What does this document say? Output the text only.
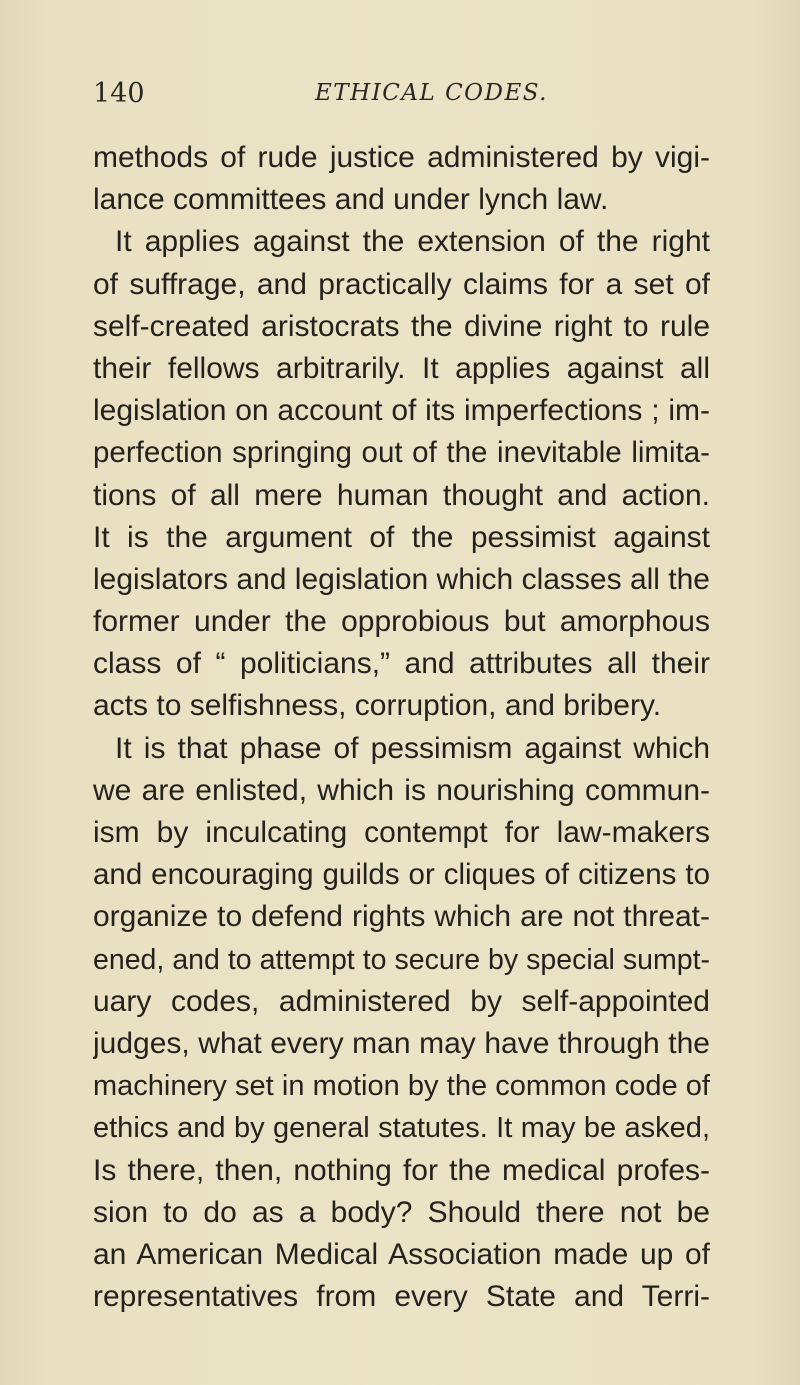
140	ETHICAL CODES.
methods of rude justice administered by vigi-
lance committees and under lynch law.
It applies against the extension of the right
of suffrage, and practically claims for a set of
self-created aristocrats the divine right to rule
their fellows arbitrarily. It applies against all
legislation on account of its imperfections ; im-
perfection springing out of the inevitable limita-
tions of all mere human thought and action.
It is the argument of the pessimist against
legislators and legislation which classes all the
former under the opprobious but amorphous
class of “ politicians,” and attributes all their
acts to selfishness, corruption, and bribery.
It is that phase of pessimism against which
we are enlisted, which is nourishing commun-
ism by inculcating contempt for law-makers
and encouraging guilds or cliques of citizens to
organize to defend rights which are not threat-
ened, and to attempt to secure by special sumpt-
uary codes, administered by self-appointed
judges, what every man may have through the
machinery set in motion by the common code of
ethics and by general statutes. It may be asked,
Is there, then, nothing for the medical profes-
sion to do as a body? Should there not be
an American Medical Association made up of
representatives from every State and Terri-
